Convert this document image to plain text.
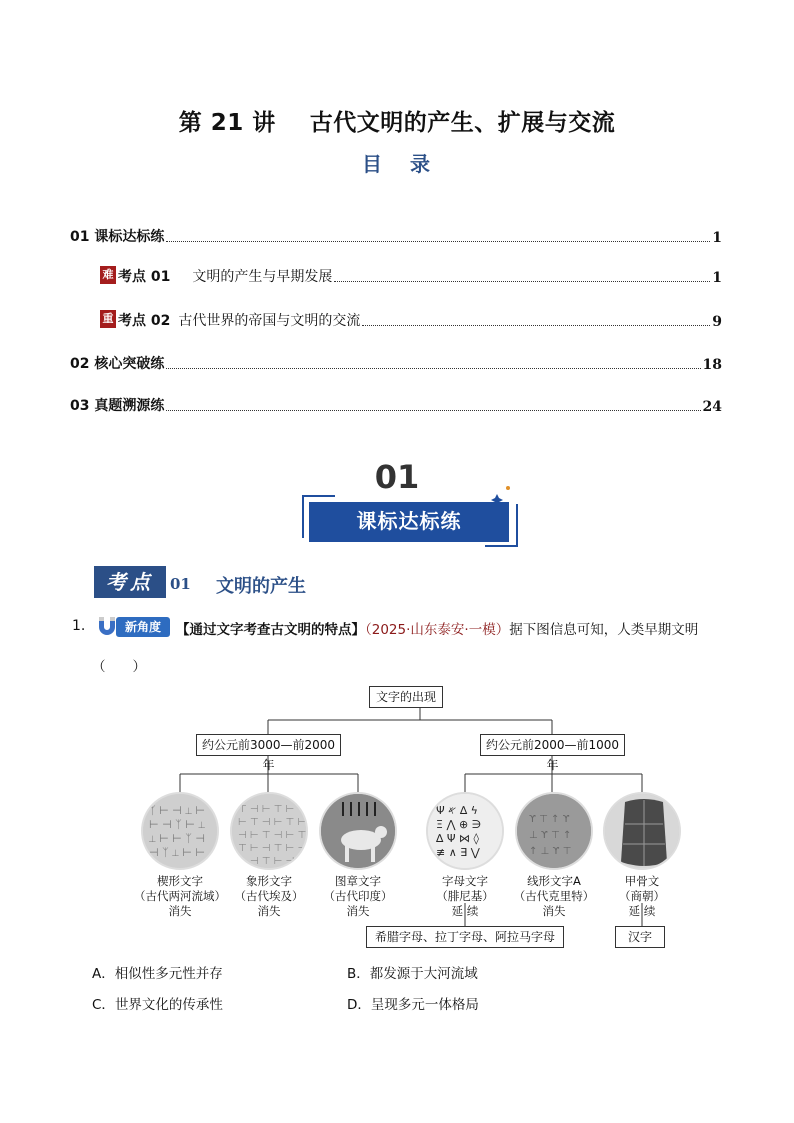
第 21 讲 古代文明的产生、扩展与交流
目 录
01 课标达标练	1
难 考点 01 文明的产生与早期发展	1
重 考点 02 古代世界的帝国与文明的交流	9
02 核心突破练	18
03 真题溯源练	24
01
课标达标练
考点	01 文明的产生
1.	新角度	【通过文字考查古文明的特点】（2025·山东泰安·一模）据下图信息可知，人类早期文明
（　　）
文字的出现
约公元前3000—前2000年
约公元前2000—前1000年
ᛉ ⊢ ⊣ ⟂ ⊢
⊢ ⊣ ᛉ ⊢ ⟂
⟂ ⊢ ⊢ ᛉ ⊣
⊣ ᛉ ⟂ ⊢ ⊢
⊤ ⊣ ⊢ ⊤ ⊢ ⊣
⊢ ⊤ ⊣ ⊢ ⊤ ⊢
⊣ ⊢ ⊤ ⊣ ⊢ ⊤
⊤ ⊢ ⊣ ⊤ ⊢ ⊣
⊢ ⊣ ⊤ ⊢ ⊣ ⊢
Ψ 𐤀 ∆ ϟ
Ξ ⋀ ⊕ ∋
∆ Ψ ⋈ ◊
≢ ∧ ∃ ⋁
ϒ ⊤ ↑ ϒ
⊥ ϒ ⊤ ↑
↑ ⊥ ϒ ⊤
楔形文字
（古代两河流域）
消失
象形文字
（古代埃及）
消失
图章文字
（古代印度）
消失
字母文字
（腓尼基）
延 续
线形文字A
（古代克里特）
消失
甲骨文
（商朝）
延 续
希腊字母、拉丁字母、阿拉马字母	汉字
A．相似性多元性并存	B．都发源于大河流域
C．世界文化的传承性	D．呈现多元一体格局
